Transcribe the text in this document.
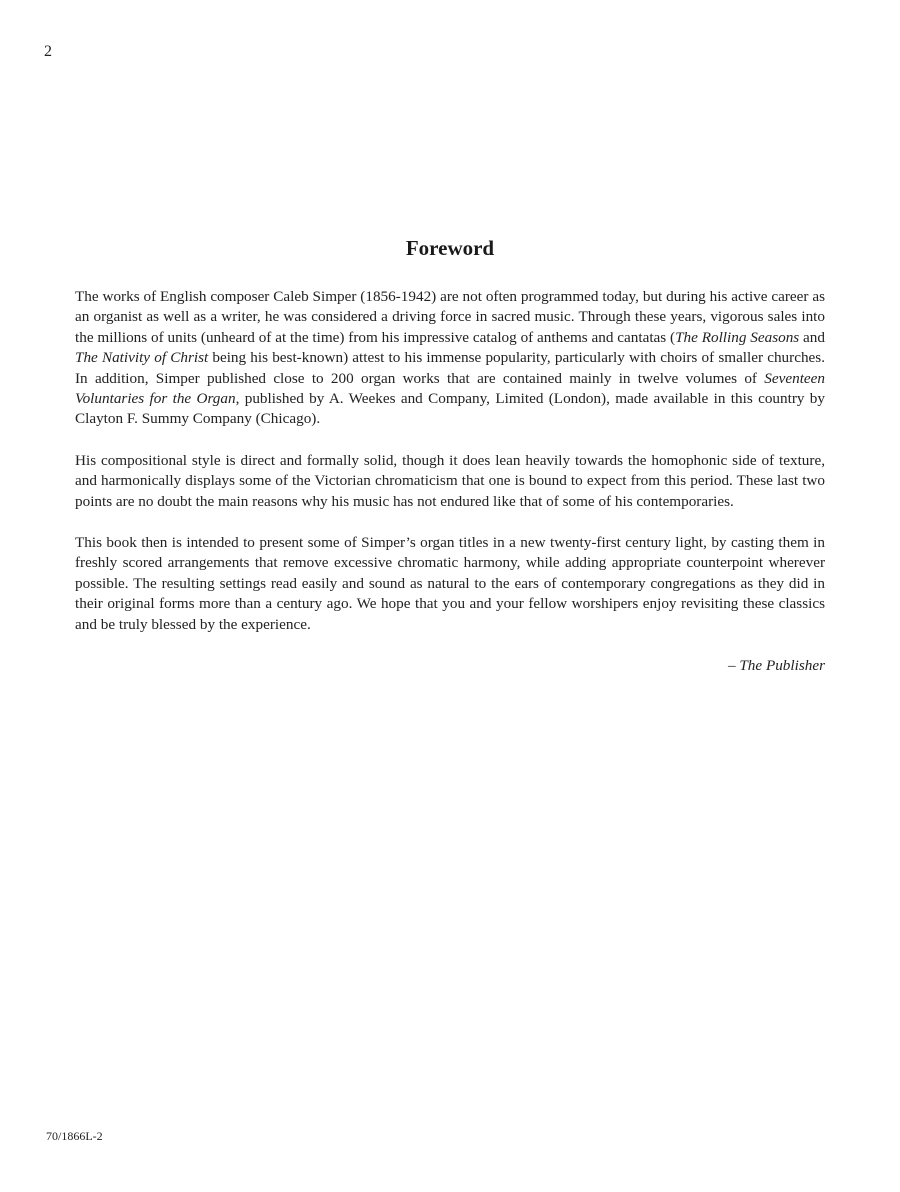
2
Foreword

The works of English composer Caleb Simper (1856-1942) are not often programmed today, but during his active career as an organist as well as a writer, he was considered a driving force in sacred music. Through these years, vigorous sales into the millions of units (unheard of at the time) from his impressive catalog of anthems and cantatas (The Rolling Seasons and The Nativity of Christ being his best-known) attest to his immense popularity, particularly with choirs of smaller churches. In addition, Simper published close to 200 organ works that are contained mainly in twelve volumes of Seventeen Voluntaries for the Organ, published by A. Weekes and Company, Limited (London), made available in this country by Clayton F. Summy Company (Chicago).

His compositional style is direct and formally solid, though it does lean heavily towards the homophonic side of texture, and harmonically displays some of the Victorian chromaticism that one is bound to expect from this period. These last two points are no doubt the main reasons why his music has not endured like that of some of his contemporaries.

This book then is intended to present some of Simper’s organ titles in a new twenty-first century light, by casting them in freshly scored arrangements that remove excessive chromatic harmony, while adding appropriate counterpoint wherever possible. The resulting settings read easily and sound as natural to the ears of contemporary congregations as they did in their original forms more than a century ago. We hope that you and your fellow worshipers enjoy revisiting these classics and be truly blessed by the experience.

– The Publisher

70/1866L-2
